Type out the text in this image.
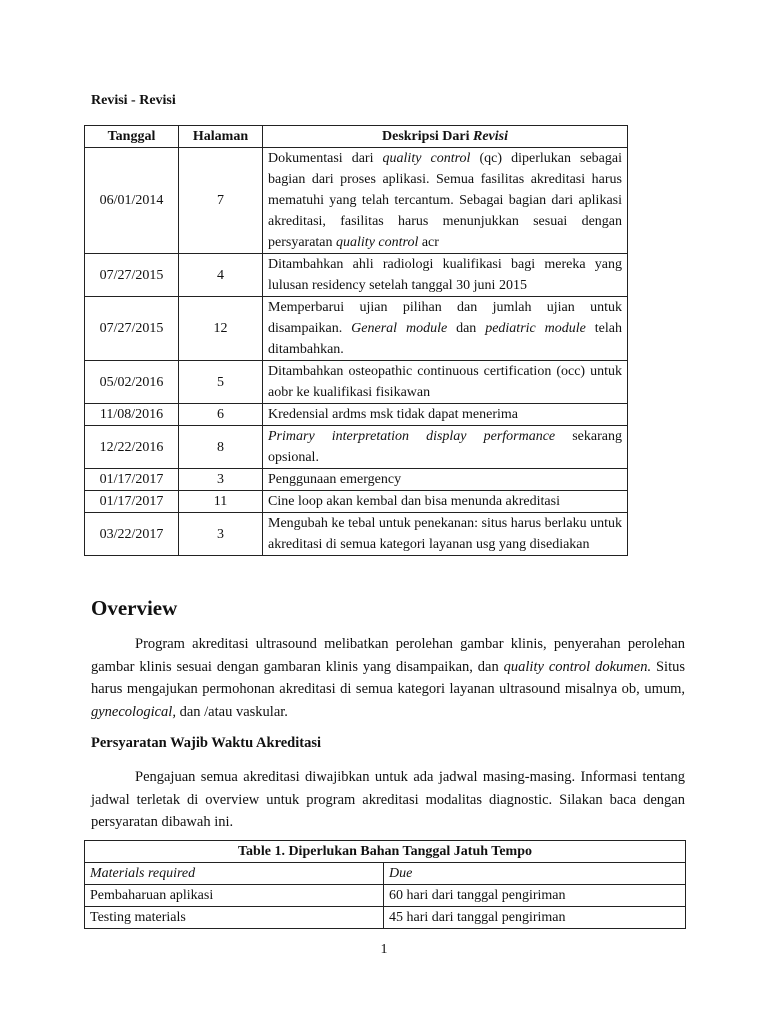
Revisi - Revisi
Tanggal	Halaman	Deskripsi Dari Revisi
06/01/2014	7	Dokumentasi dari quality control (qc) diperlukan sebagai bagian dari proses aplikasi. Semua fasilitas akreditasi harus mematuhi yang telah tercantum. Sebagai bagian dari aplikasi akreditasi, fasilitas harus menunjukkan sesuai dengan persyaratan quality control acr
07/27/2015	4	Ditambahkan ahli radiologi kualifikasi bagi mereka yang lulusan residency setelah tanggal 30 juni 2015
07/27/2015	12	Memperbarui ujian pilihan dan jumlah ujian untuk disampaikan. General module dan pediatric module telah ditambahkan.
05/02/2016	5	Ditambahkan osteopathic continuous certification (occ) untuk aobr ke kualifikasi fisikawan
11/08/2016	6	Kredensial ardms msk tidak dapat menerima
12/22/2016	8	Primary interpretation display performance sekarang opsional.
01/17/2017	3	Penggunaan emergency
01/17/2017	11	Cine loop akan kembal dan bisa menunda akreditasi
03/22/2017	3	Mengubah ke tebal untuk penekanan: situs harus berlaku untuk akreditasi di semua kategori layanan usg yang disediakan
Overview

Program akreditasi ultrasound melibatkan perolehan gambar klinis, penyerahan perolehan gambar klinis sesuai dengan gambaran klinis yang disampaikan, dan quality control dokumen. Situs harus mengajukan permohonan akreditasi di semua kategori layanan ultrasound misalnya ob, umum, gynecological, dan /atau vaskular.

Persyaratan Wajib Waktu Akreditasi

Pengajuan semua akreditasi diwajibkan untuk ada jadwal masing-masing. Informasi tentang jadwal terletak di overview untuk program akreditasi modalitas diagnostic. Silakan baca dengan persyaratan dibawah ini.

Table 1. Diperlukan Bahan Tanggal Jatuh Tempo	
Materials required	Due
Pembaharuan aplikasi	60 hari dari tanggal pengiriman
Testing materials	45 hari dari tanggal pengiriman
1
